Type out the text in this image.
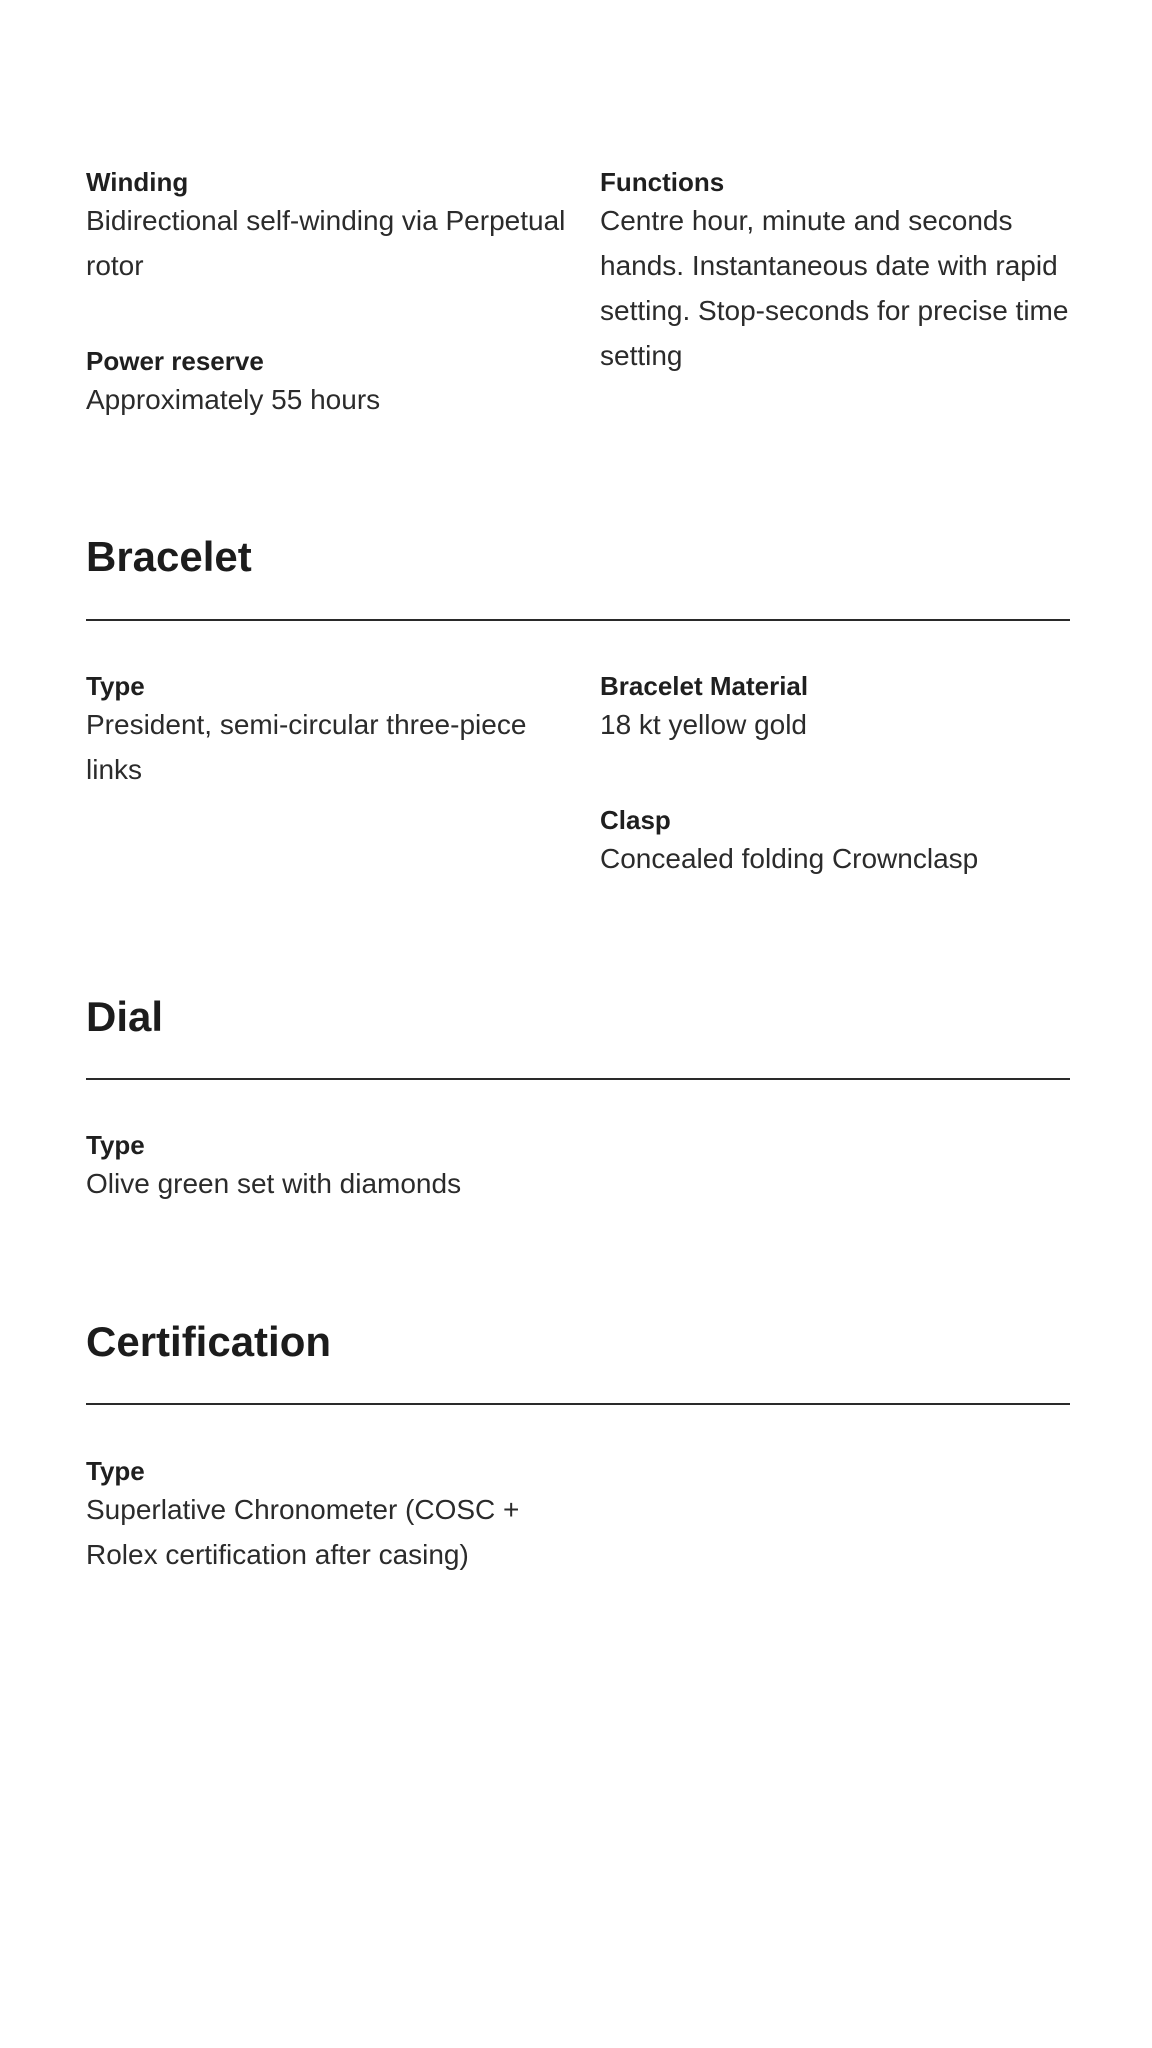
Winding

Bidirectional self-winding via Perpetual rotor

Power reserve

Approximately 55 hours

Functions

Centre hour, minute and seconds hands. Instantaneous date with rapid setting. Stop-seconds for precise time setting

Bracelet

Type

President, semi-circular three-piece links

Bracelet Material

18 kt yellow gold

Clasp

Concealed folding Crownclasp

Dial

Type

Olive green set with diamonds

Certification

Type

Superlative Chronometer (COSC + Rolex certification after casing)
